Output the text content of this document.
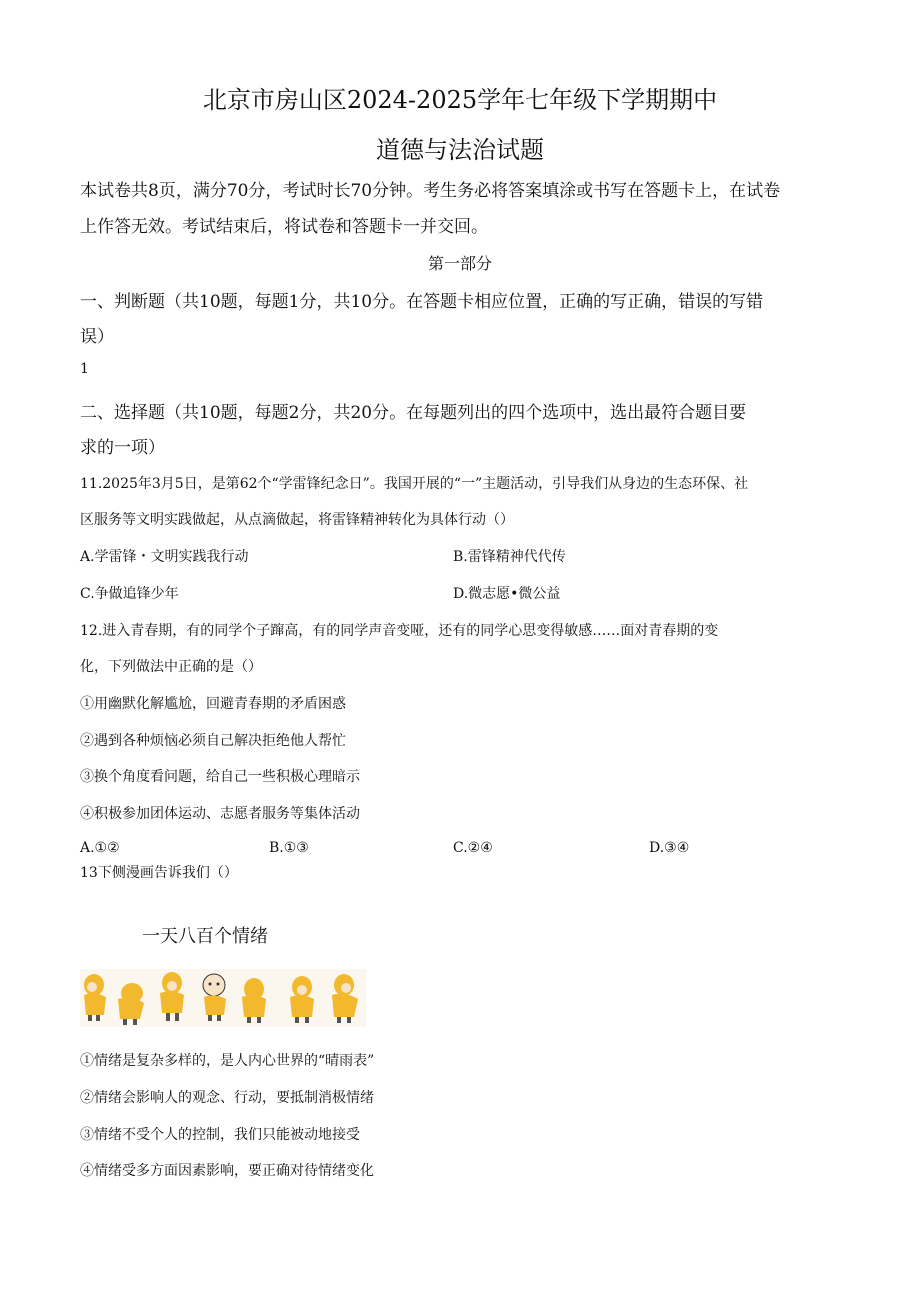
北京市房山区2024-2025学年七年级下学期期中
道德与法治试题
本试卷共8页，满分70分，考试时长70分钟。考生务必将答案填涂或书写在答题卡上，在试卷
上作答无效。考试结束后，将试卷和答题卡一并交回。
第一部分
一、判断题（共10题，每题1分，共10分。在答题卡相应位置，正确的写正确，错误的写错
误）
1
二、选择题（共10题，每题2分，共20分。在每题列出的四个选项中，选出最符合题目要
求的一项）
11.2025年3月5日，是第62个“学雷锋纪念日”。我国开展的“一”主题活动，引导我们从身边的生态环保、社
区服务等文明实践做起，从点滴做起，将雷锋精神转化为具体行动（）
A.学雷锋・文明实践我行动	B.雷锋精神代代传
C.争做追锋少年	D.微志愿•微公益
12.进入青春期，有的同学个子蹿高，有的同学声音变哑，还有的同学心思变得敏感……面对青春期的变
化，下列做法中正确的是（）
①用幽默化解尴尬，回避青春期的矛盾困惑
②遇到各种烦恼必须自己解决拒绝他人帮忙
③换个角度看问题，给自己一些积极心理暗示
④积极参加团体运动、志愿者服务等集体活动
A.①②	B.①③	C.②④	D.③④
13下侧漫画告诉我们（）
一天八百个情绪
①情绪是复杂多样的，是人内心世界的“晴雨表”
②情绪会影响人的观念、行动，要抵制消极情绪
③情绪不受个人的控制，我们只能被动地接受
④情绪受多方面因素影响，要正确对待情绪变化
